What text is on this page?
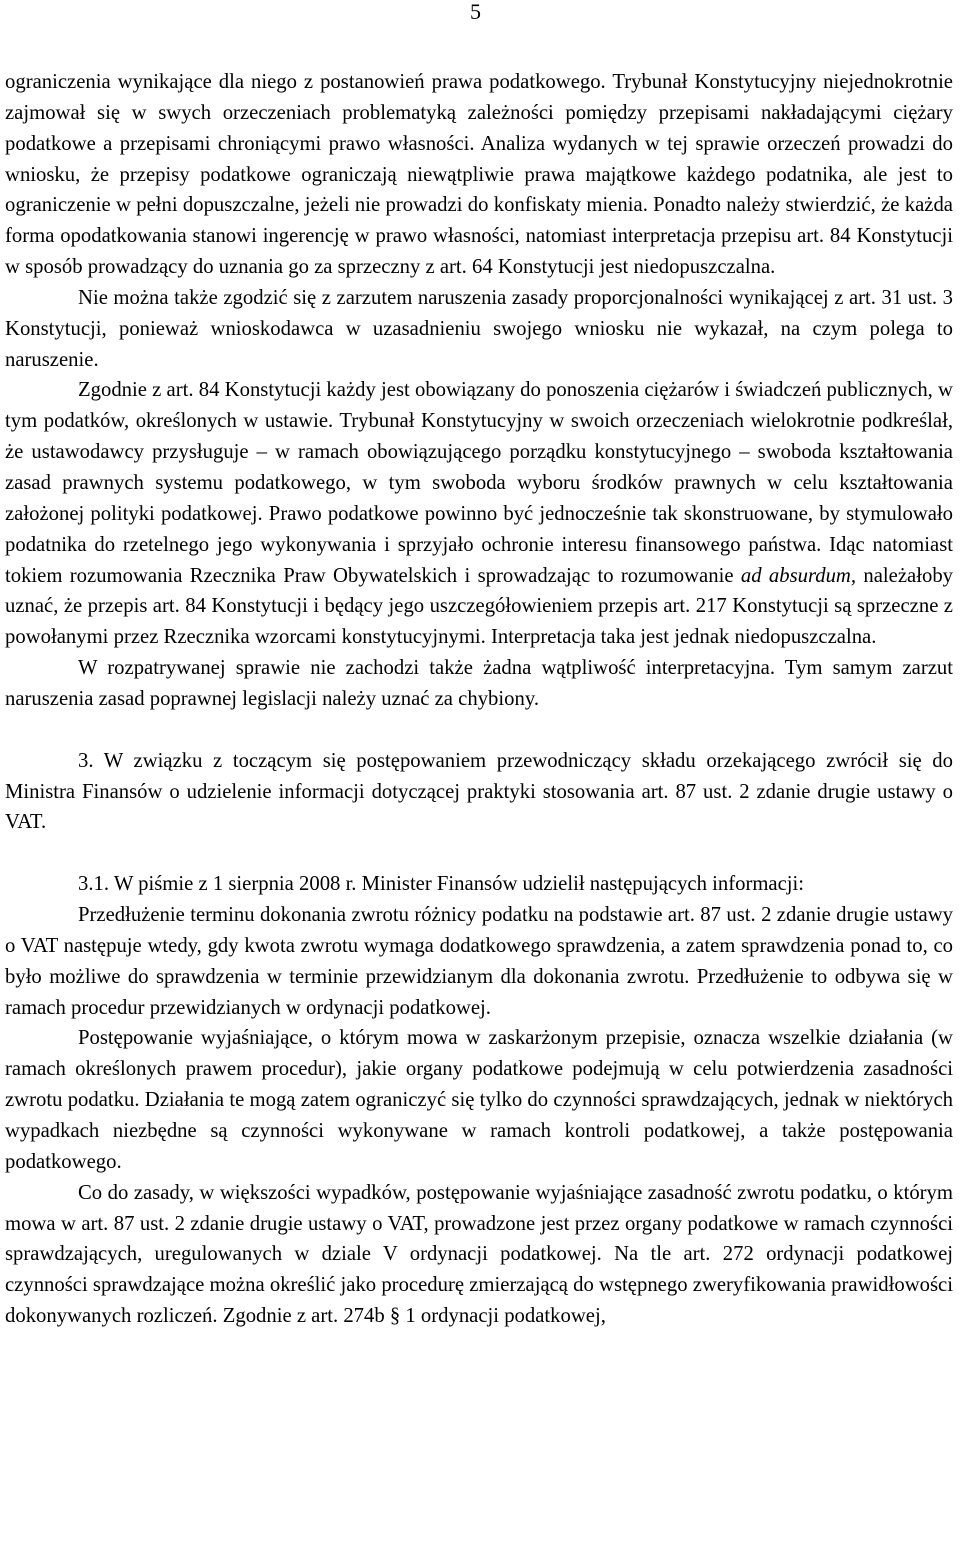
5

ograniczenia wynikające dla niego z postanowień prawa podatkowego. Trybunał Konstytucyjny niejednokrotnie zajmował się w swych orzeczeniach problematyką zależności pomiędzy przepisami nakładającymi ciężary podatkowe a przepisami chroniącymi prawo własności. Analiza wydanych w tej sprawie orzeczeń prowadzi do wniosku, że przepisy podatkowe ograniczają niewątpliwie prawa majątkowe każdego podatnika, ale jest to ograniczenie w pełni dopuszczalne, jeżeli nie prowadzi do konfiskaty mienia. Ponadto należy stwierdzić, że każda forma opodatkowania stanowi ingerencję w prawo własności, natomiast interpretacja przepisu art. 84 Konstytucji w sposób prowadzący do uznania go za sprzeczny z art. 64 Konstytucji jest niedopuszczalna.

Nie można także zgodzić się z zarzutem naruszenia zasady proporcjonalności wynikającej z art. 31 ust. 3 Konstytucji, ponieważ wnioskodawca w uzasadnieniu swojego wniosku nie wykazał, na czym polega to naruszenie.

Zgodnie z art. 84 Konstytucji każdy jest obowiązany do ponoszenia ciężarów i świadczeń publicznych, w tym podatków, określonych w ustawie. Trybunał Konstytucyjny w swoich orzeczeniach wielokrotnie podkreślał, że ustawodawcy przysługuje – w ramach obowiązującego porządku konstytucyjnego – swoboda kształtowania zasad prawnych systemu podatkowego, w tym swoboda wyboru środków prawnych w celu kształtowania założonej polityki podatkowej. Prawo podatkowe powinno być jednocześnie tak skonstruowane, by stymulowało podatnika do rzetelnego jego wykonywania i sprzyjało ochronie interesu finansowego państwa. Idąc natomiast tokiem rozumowania Rzecznika Praw Obywatelskich i sprowadzając to rozumowanie ad absurdum, należałoby uznać, że przepis art. 84 Konstytucji i będący jego uszczegółowieniem przepis art. 217 Konstytucji są sprzeczne z powołanymi przez Rzecznika wzorcami konstytucyjnymi. Interpretacja taka jest jednak niedopuszczalna.

W rozpatrywanej sprawie nie zachodzi także żadna wątpliwość interpretacyjna. Tym samym zarzut naruszenia zasad poprawnej legislacji należy uznać za chybiony.

3. W związku z toczącym się postępowaniem przewodniczący składu orzekającego zwrócił się do Ministra Finansów o udzielenie informacji dotyczącej praktyki stosowania art. 87 ust. 2 zdanie drugie ustawy o VAT.

3.1. W piśmie z 1 sierpnia 2008 r. Minister Finansów udzielił następujących informacji:

Przedłużenie terminu dokonania zwrotu różnicy podatku na podstawie art. 87 ust. 2 zdanie drugie ustawy o VAT następuje wtedy, gdy kwota zwrotu wymaga dodatkowego sprawdzenia, a zatem sprawdzenia ponad to, co było możliwe do sprawdzenia w terminie przewidzianym dla dokonania zwrotu. Przedłużenie to odbywa się w ramach procedur przewidzianych w ordynacji podatkowej.

Postępowanie wyjaśniające, o którym mowa w zaskarżonym przepisie, oznacza wszelkie działania (w ramach określonych prawem procedur), jakie organy podatkowe podejmują w celu potwierdzenia zasadności zwrotu podatku. Działania te mogą zatem ograniczyć się tylko do czynności sprawdzających, jednak w niektórych wypadkach niezbędne są czynności wykonywane w ramach kontroli podatkowej, a także postępowania podatkowego.

Co do zasady, w większości wypadków, postępowanie wyjaśniające zasadność zwrotu podatku, o którym mowa w art. 87 ust. 2 zdanie drugie ustawy o VAT, prowadzone jest przez organy podatkowe w ramach czynności sprawdzających, uregulowanych w dziale V ordynacji podatkowej. Na tle art. 272 ordynacji podatkowej czynności sprawdzające można określić jako procedurę zmierzającą do wstępnego zweryfikowania prawidłowości dokonywanych rozliczeń. Zgodnie z art. 274b § 1 ordynacji podatkowej,
